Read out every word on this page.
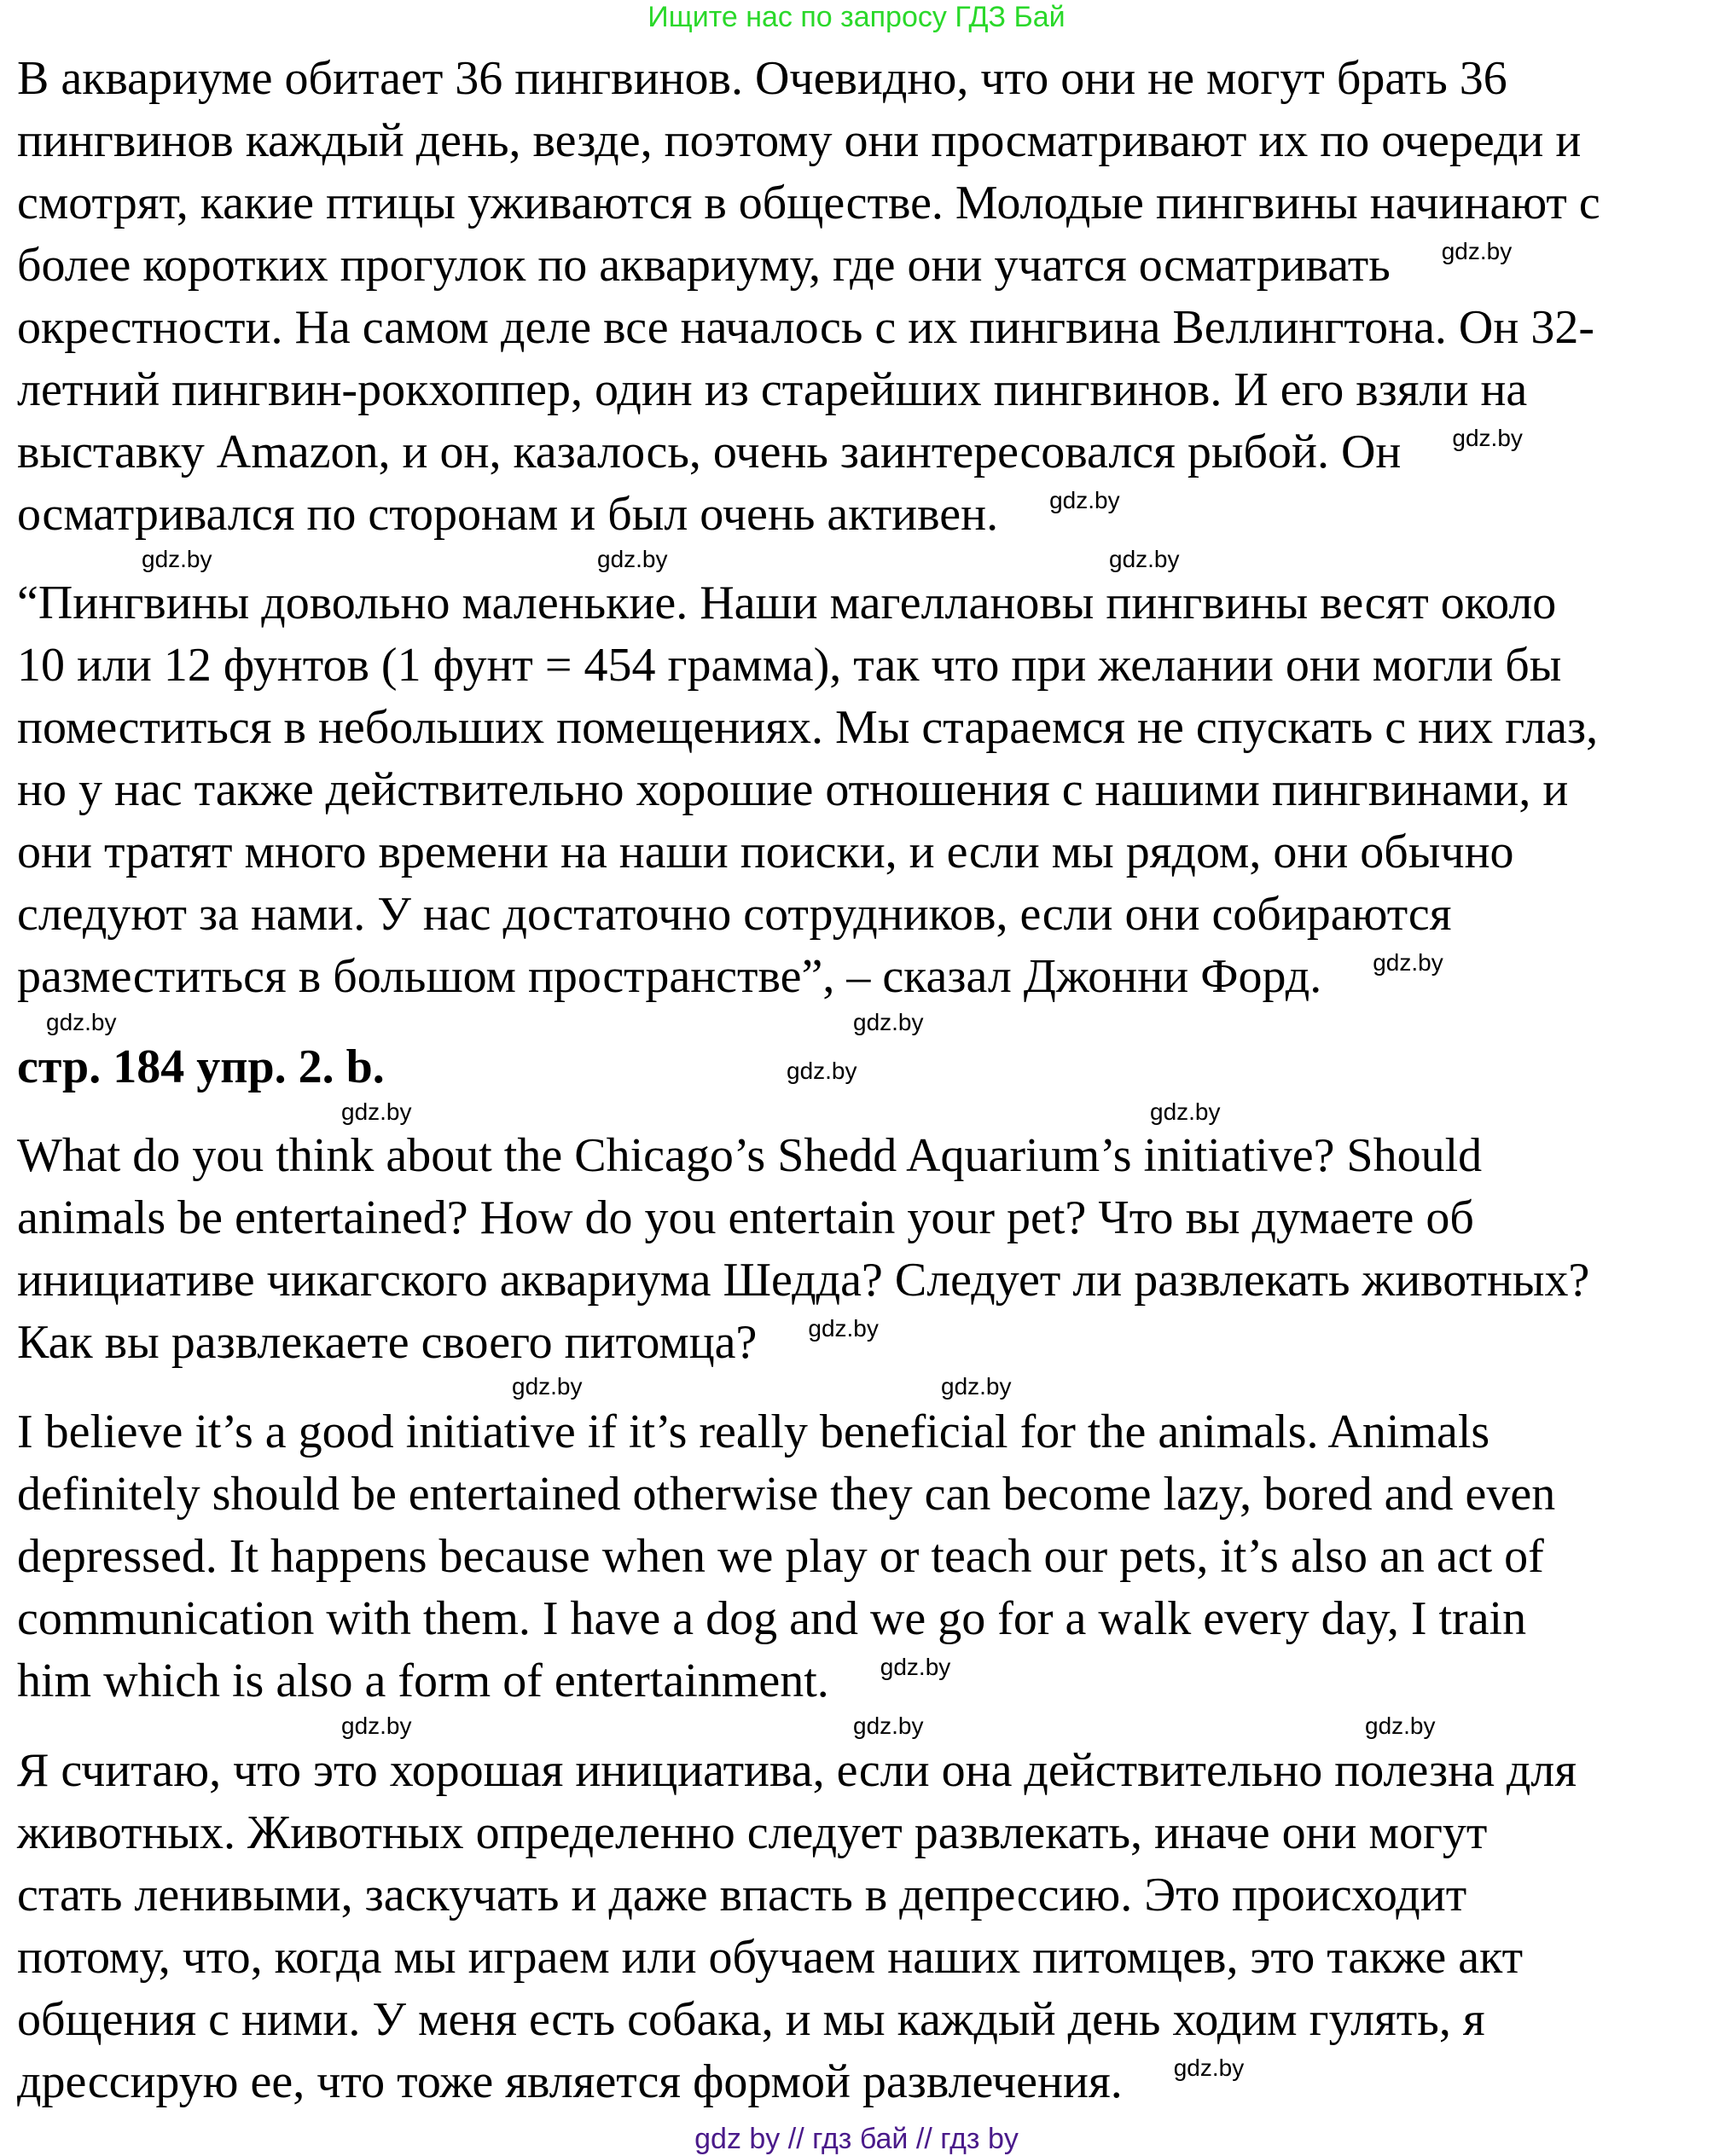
Ищите нас по запросу ГДЗ Бай
В аквариуме обитает 36 пингвинов. Очевидно, что они не могут брать 36
пингвинов каждый день, везде, поэтому они просматривают их по очереди и
смотрят, какие птицы уживаются в обществе. Молодые пингвины начинают с
более коротких прогулок по аквариуму, где они учатся осматривать $^{gdz.by}$
окрестности. На самом деле все началось с их пингвина Веллингтона. Он 32-
летний пингвин-рокхоппер, один из старейших пингвинов. И его взяли на
выставку Amazon, и он, казалось, очень заинтересовался рыбой. Он $^{gdz.by}$
осматривался по сторонам и был очень активен. $^{gdz.by}$
“Пингвины довольно маленькие. Наши магеллановы пингвины весят около
10 или 12 фунтов (1 фунт = 454 грамма), так что при желании они могли бы
поместиться в небольших помещениях. Мы стараемся не спускать с них глаз,
но у нас также действительно хорошие отношения с нашими пингвинами, и
они тратят много времени на наши поиски, и если мы рядом, они обычно
следуют за нами. У нас достаточно сотрудников, если они собираются
разместиться в большом пространстве”, – сказал Джонни Форд. $^{gdz.by}$
What do you think about the Chicago’s Shedd Aquarium’s initiative? Should
animals be entertained? How do you entertain your pet? Что вы думаете об
инициативе чикагского аквариума Шедда? Следует ли развлекать животных?
Как вы развлекаете своего питомца? $^{gdz.by}$
I believe it’s a good initiative if it’s really beneficial for the animals. Animals
definitely should be entertained otherwise they can become lazy, bored and even
depressed. It happens because when we play or teach our pets, it’s also an act of
communication with them. I have a dog and we go for a walk every day, I train
him which is also a form of entertainment. $^{gdz.by}$
Я считаю, что это хорошая инициатива, если она действительно полезна для
животных. Животных определенно следует развлекать, иначе они могут
стать ленивыми, заскучать и даже впасть в депрессию. Это происходит
потому, что, когда мы играем или обучаем наших питомцев, это также акт
общения с ними. У меня есть собака, и мы каждый день ходим гулять, я
дрессирую ее, что тоже является формой развлечения. $^{gdz.by}$
стр. 184 упр. 2. b.
gdz by // гдз бай // гдз by
gdz.by	gdz.by	gdz.by
gdz.by	gdz.by
gdz.by
gdz.by	gdz.by
gdz.by	gdz.by
gdz.by	gdz.by	gdz.by
